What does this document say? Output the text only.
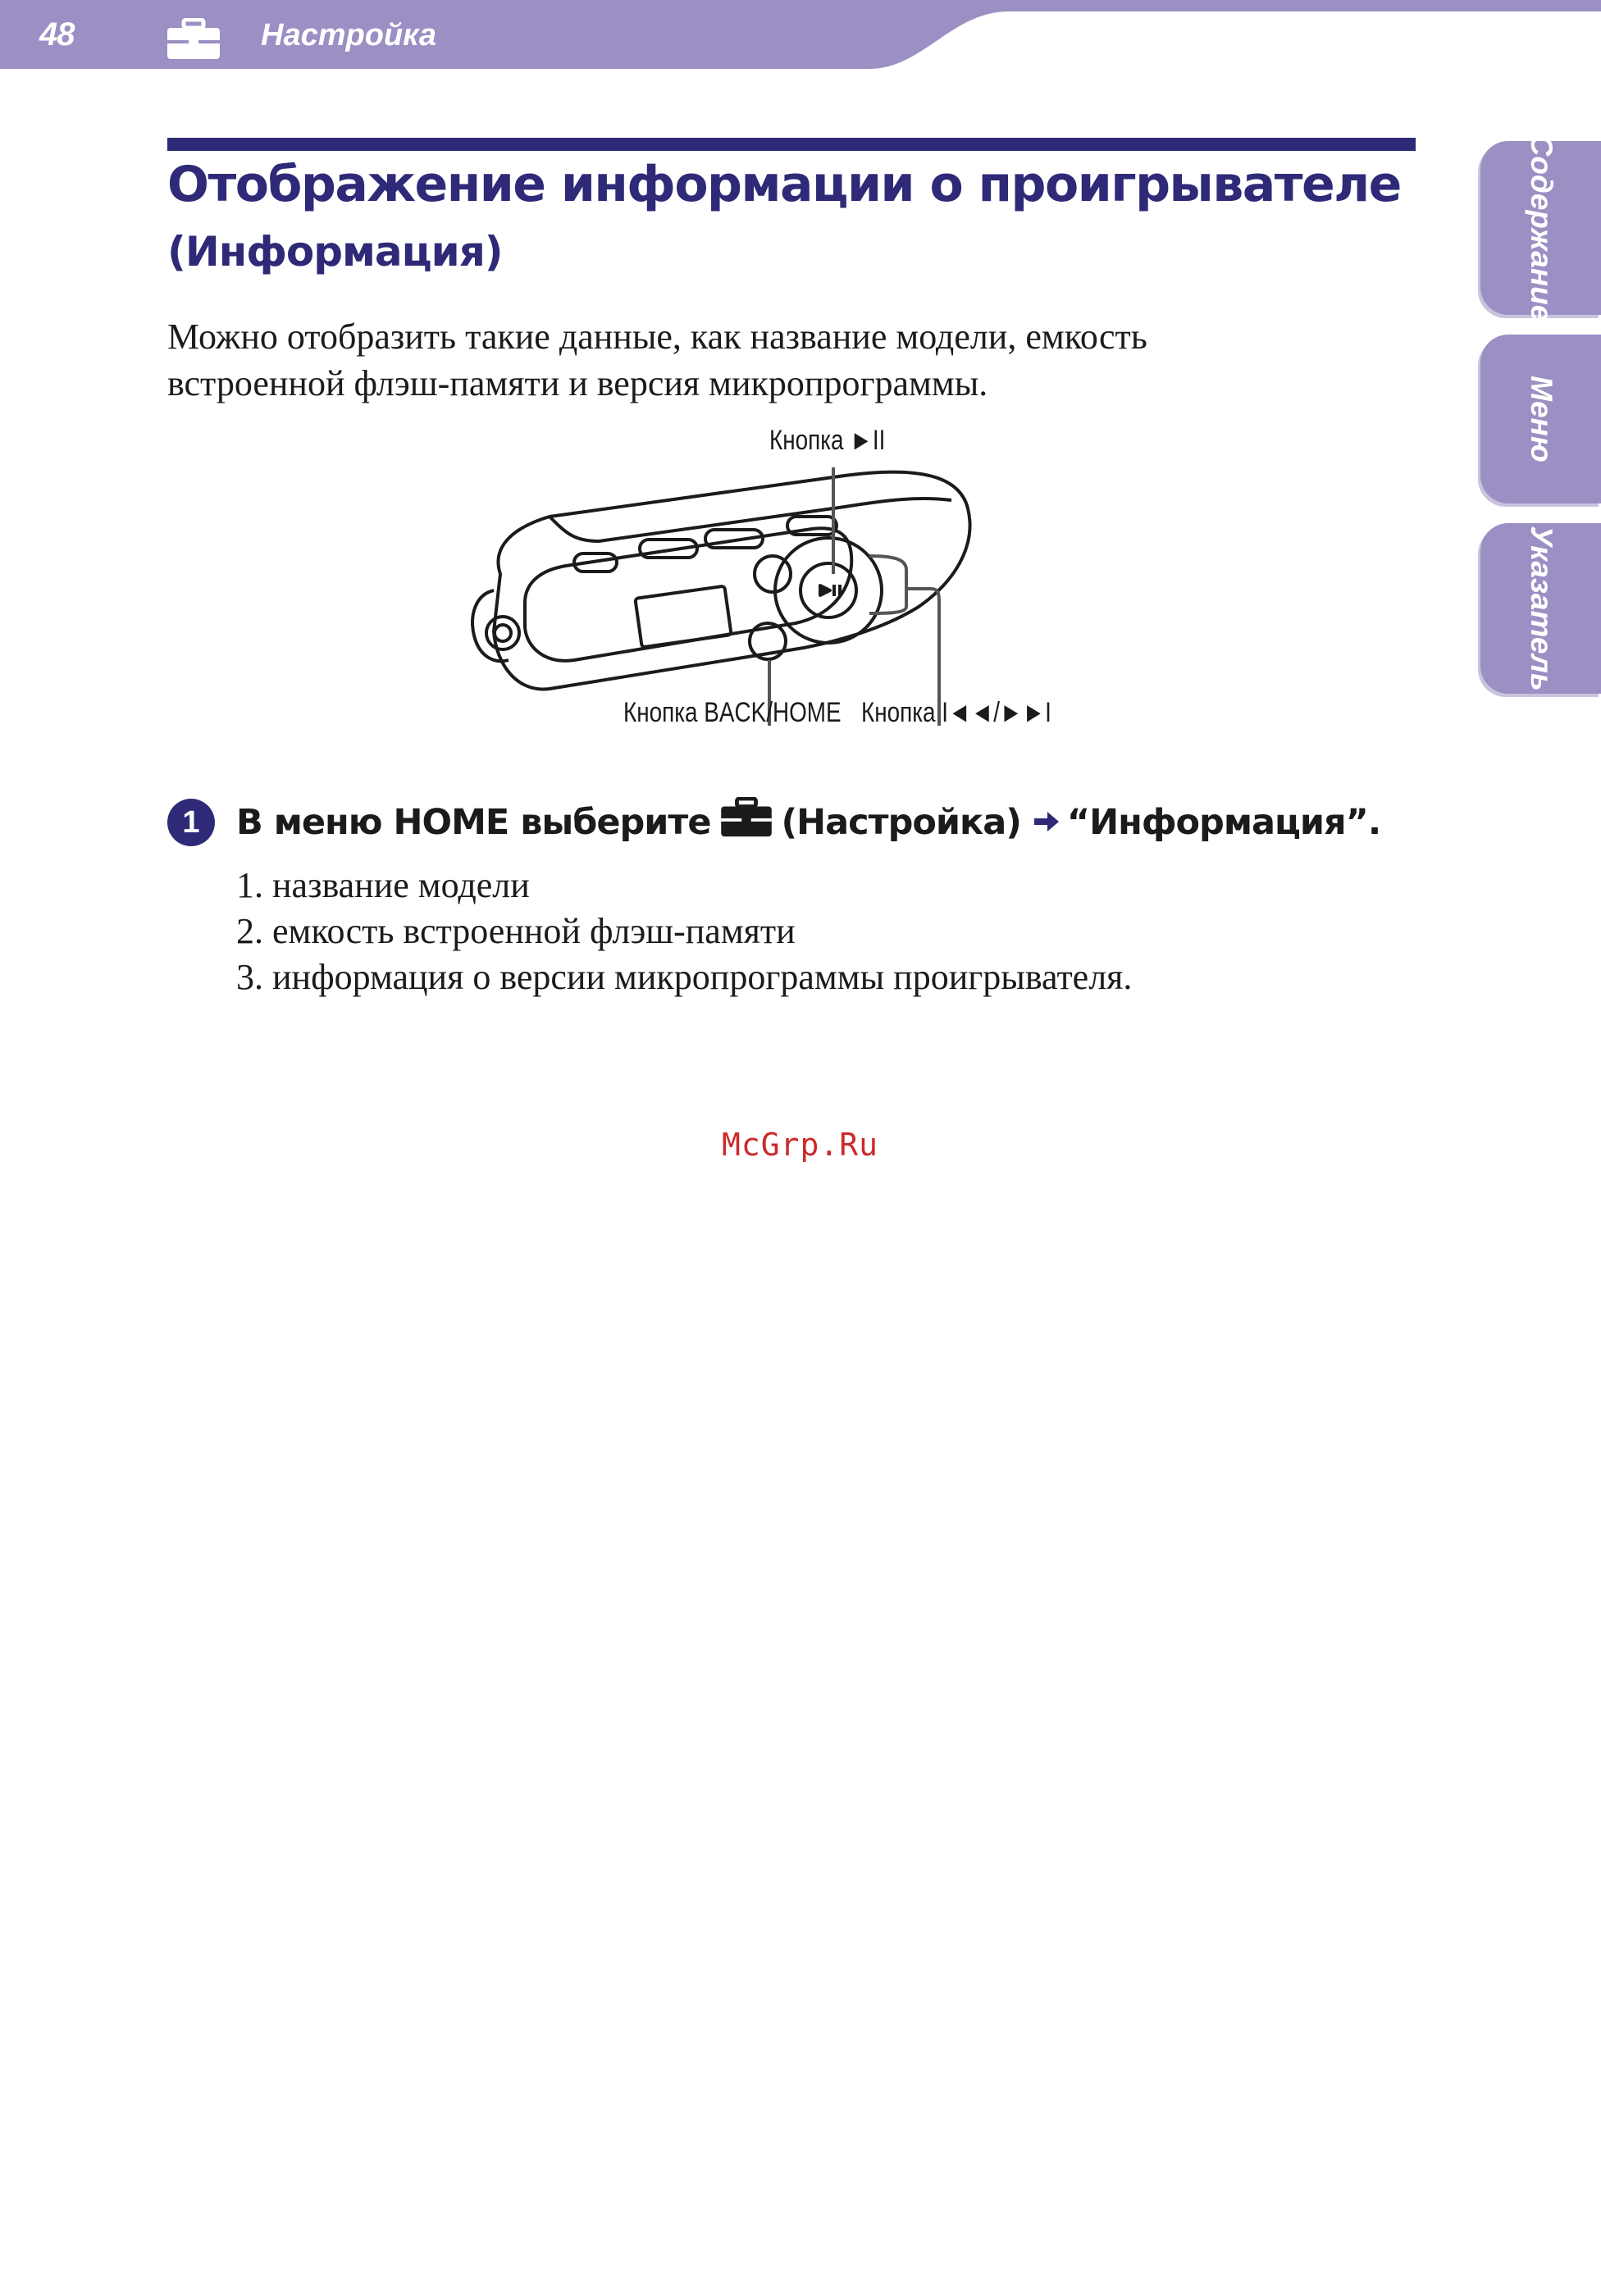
48	Настройка
Содержание
Меню
Указатель
Отображение информации о проигрывателе
(Информация)
Можно отобразить такие данные, как название модели, емкость
встроенной флэш-памяти и версия микропрограммы.
Кнопка ►II
Кнопка BACK/HOME Кнопка I◄◄/►►I
1	В меню HOME выберите (Настройка) “Информация”.
1. название модели
2. емкость встроенной флэш-памяти
3. информация о версии микропрограммы проигрывателя.
McGrp.Ru
